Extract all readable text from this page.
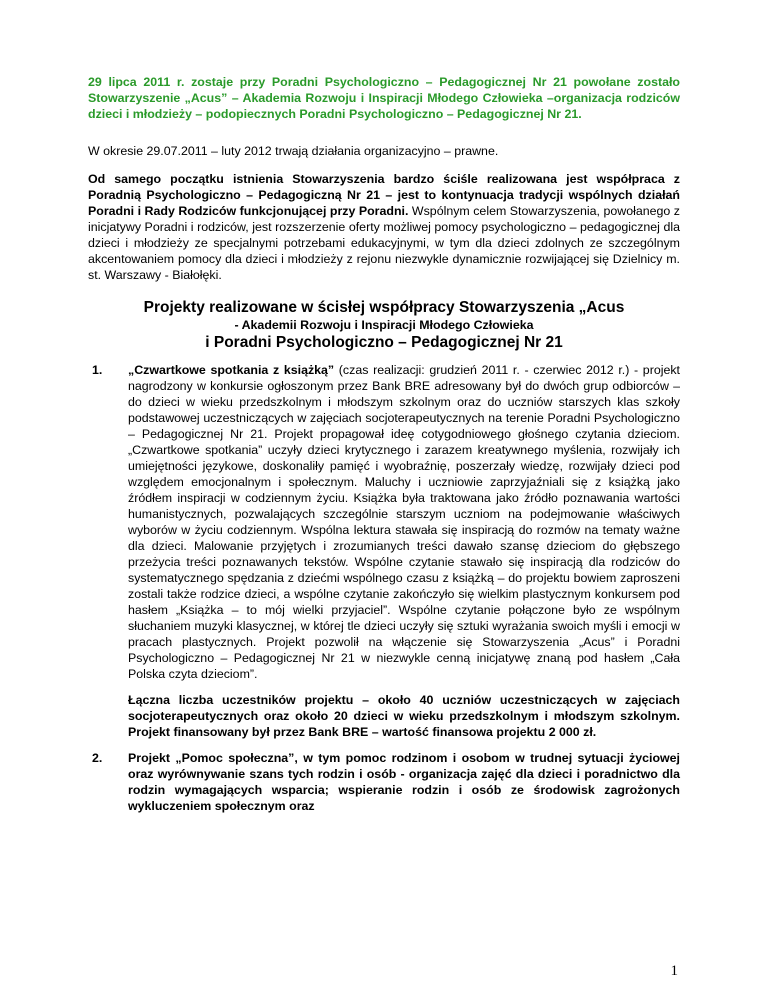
29 lipca 2011 r. zostaje przy Poradni Psychologiczno – Pedagogicznej Nr 21 powołane zostało Stowarzyszenie „Acus” – Akademia Rozwoju i Inspiracji Młodego Człowieka –organizacja rodziców dzieci i młodzieży – podopiecznych Poradni Psychologiczno – Pedagogicznej Nr 21.

W okresie 29.07.2011 – luty 2012 trwają działania organizacyjno – prawne.

Od samego początku istnienia Stowarzyszenia bardzo ściśle realizowana jest współpraca z Poradnią Psychologiczno – Pedagogiczną Nr 21 – jest to kontynuacja tradycji wspólnych działań Poradni i Rady Rodziców funkcjonującej przy Poradni. Wspólnym celem Stowarzyszenia, powołanego z inicjatywy Poradni i rodziców, jest rozszerzenie oferty możliwej pomocy psychologiczno – pedagogicznej dla dzieci i młodzieży ze specjalnymi potrzebami edukacyjnymi, w tym dla dzieci zdolnych ze szczególnym akcentowaniem pomocy dla dzieci i młodzieży z rejonu niezwykle dynamicznie rozwijającej się Dzielnicy m. st. Warszawy - Białołęki.

Projekty realizowane w ścisłej współpracy Stowarzyszenia „Acus
- Akademii Rozwoju i Inspiracji Młodego Człowieka
i Poradni Psychologiczno – Pedagogicznej Nr 21
1. „Czwartkowe spotkania z książką” (czas realizacji: grudzień 2011 r. - czerwiec 2012 r.) - projekt nagrodzony w konkursie ogłoszonym przez Bank BRE adresowany był do dwóch grup odbiorców – do dzieci w wieku przedszkolnym i młodszym szkolnym oraz do uczniów starszych klas szkoły podstawowej uczestniczących w zajęciach socjoterapeutycznych na terenie Poradni Psychologiczno – Pedagogicznej Nr 21. Projekt propagował ideę cotygodniowego głośnego czytania dzieciom. „Czwartkowe spotkania” uczyły dzieci krytycznego i zarazem kreatywnego myślenia, rozwijały ich umiejętności językowe, doskonaliły pamięć i wyobraźnię, poszerzały wiedzę, rozwijały dzieci pod względem emocjonalnym i społecznym. Maluchy i uczniowie zaprzyjaźniali się z książką jako źródłem inspiracji w codziennym życiu. Książka była traktowana jako źródło poznawania wartości humanistycznych, pozwalających szczególnie starszym uczniom na podejmowanie właściwych wyborów w życiu codziennym. Wspólna lektura stawała się inspiracją do rozmów na tematy ważne dla dzieci. Malowanie przyjętych i zrozumianych treści dawało szansę dzieciom do głębszego przeżycia treści poznawanych tekstów. Wspólne czytanie stawało się inspiracją dla rodziców do systematycznego spędzania z dziećmi wspólnego czasu z książką – do projektu bowiem zaproszeni zostali także rodzice dzieci, a wspólne czytanie zakończyło się wielkim plastycznym konkursem pod hasłem „Książka – to mój wielki przyjaciel”. Wspólne czytanie połączone było ze wspólnym słuchaniem muzyki klasycznej, w której tle dzieci uczyły się sztuki wyrażania swoich myśli i emocji w pracach plastycznych. Projekt pozwolił na włączenie się Stowarzyszenia „Acus” i Poradni Psychologiczno – Pedagogicznej Nr 21 w niezwykle cenną inicjatywę znaną pod hasłem „Cała Polska czyta dzieciom”.

Łączna liczba uczestników projektu – około 40 uczniów uczestniczących w zajęciach socjoterapeutycznych oraz około 20 dzieci w wieku przedszkolnym i młodszym szkolnym. Projekt finansowany był przez Bank BRE – wartość finansowa projektu 2 000 zł.

2. Projekt „Pomoc społeczna”, w tym pomoc rodzinom i osobom w trudnej sytuacji życiowej oraz wyrównywanie szans tych rodzin i osób - organizacja zajęć dla dzieci i poradnictwo dla rodzin wymagających wsparcia; wspieranie rodzin i osób ze środowisk zagrożonych wykluczeniem społecznym oraz

1
